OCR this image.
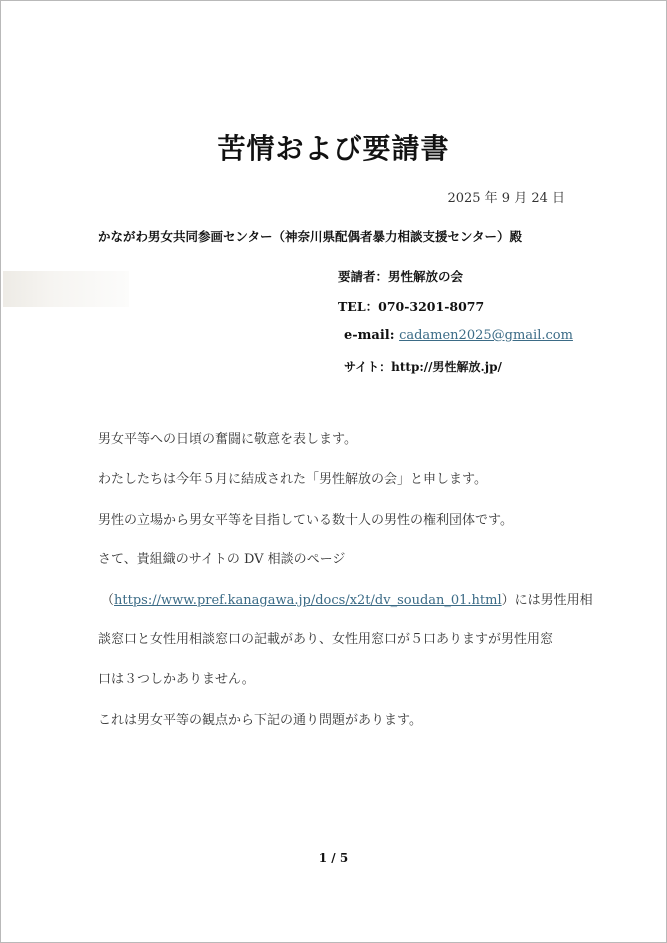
苦情および要請書
2025 年 9 月 24 日
かながわ男女共同参画センター（神奈川県配偶者暴力相談支援センター）殿
要請者：男性解放の会
TEL：070-3201-8077
e-mail: cadamen2025@gmail.com
サイト：http://男性解放.jp/
男女平等への日頃の奮闘に敬意を表します。
わたしたちは今年５月に結成された「男性解放の会」と申します。
男性の立場から男女平等を目指している数十人の男性の権利団体です。
さて、貴組織のサイトの DV 相談のページ
（https://www.pref.kanagawa.jp/docs/x2t/dv_soudan_01.html）には男性用相
談窓口と女性用相談窓口の記載があり、女性用窓口が５口ありますが男性用窓
口は３つしかありません。
これは男女平等の観点から下記の通り問題があります。
1 / 5
